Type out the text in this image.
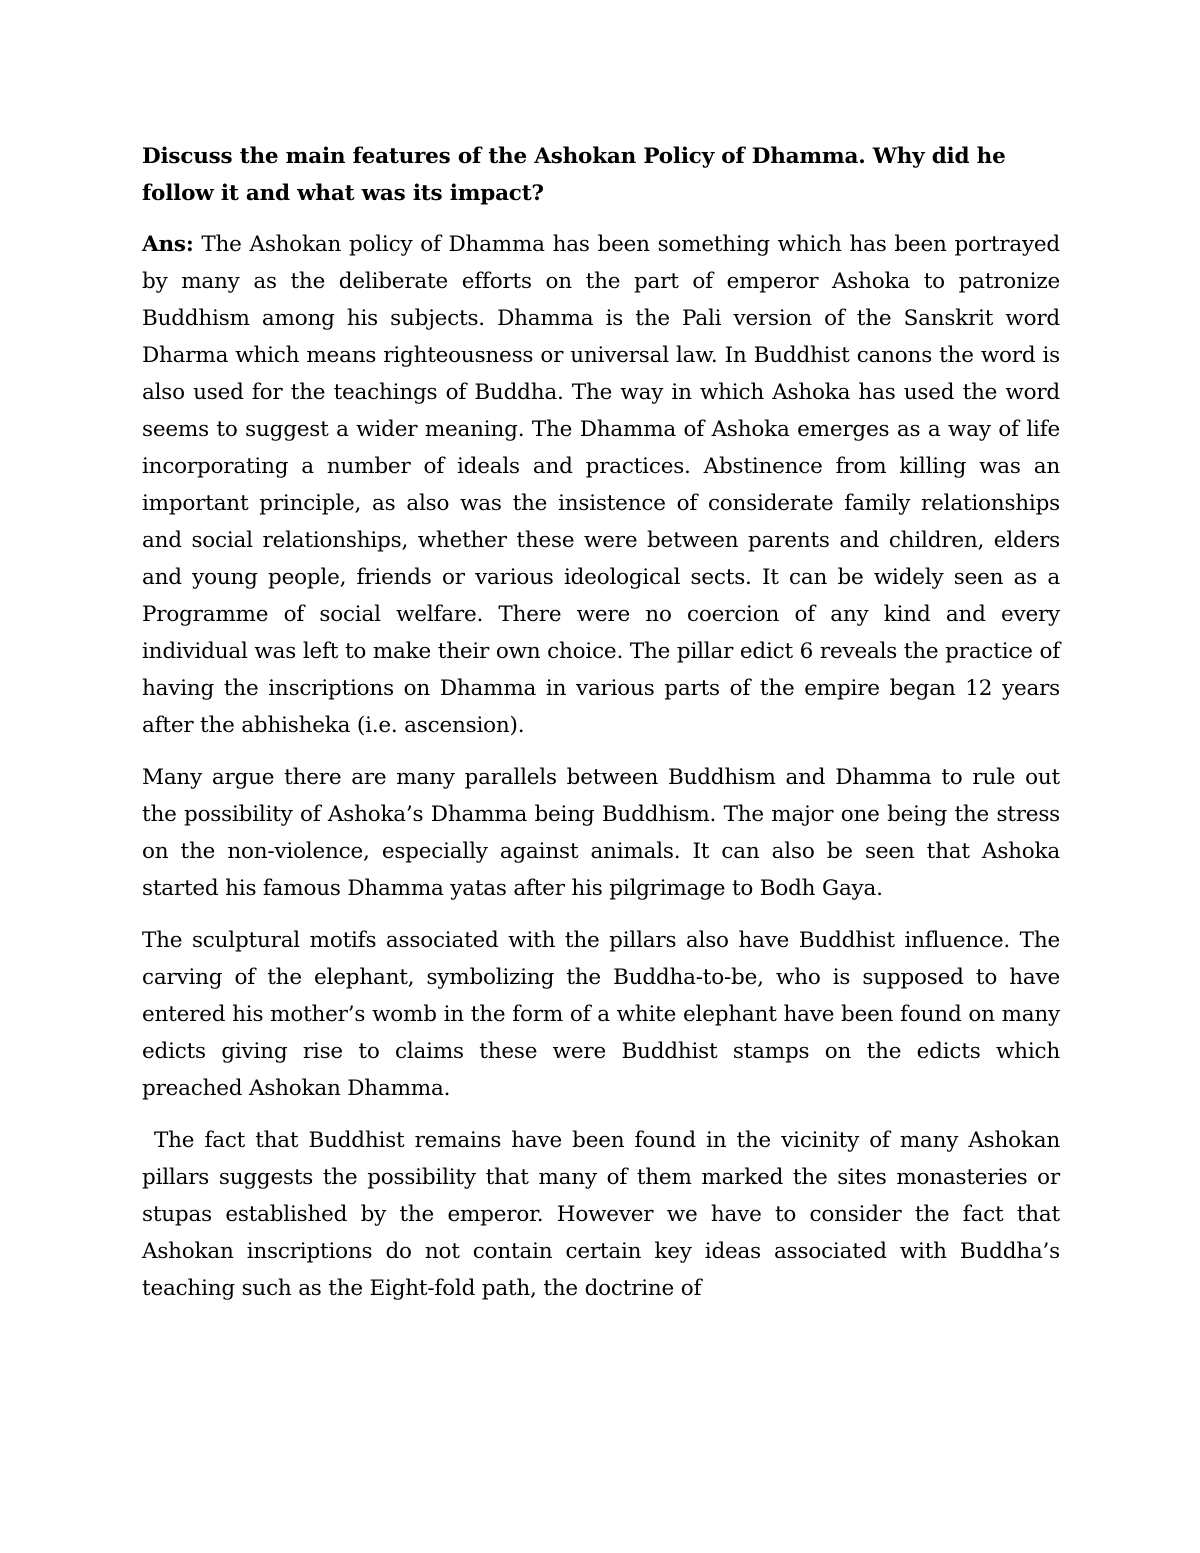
Discuss the main features of the Ashokan Policy of Dhamma. Why did he follow it and what was its impact?

Ans: The Ashokan policy of Dhamma has been something which has been portrayed by many as the deliberate efforts on the part of emperor Ashoka to patronize Buddhism among his subjects. Dhamma is the Pali version of the Sanskrit word Dharma which means righteousness or universal law. In Buddhist canons the word is also used for the teachings of Buddha. The way in which Ashoka has used the word seems to suggest a wider meaning. The Dhamma of Ashoka emerges as a way of life incorporating a number of ideals and practices. Abstinence from killing was an important principle, as also was the insistence of considerate family relationships and social relationships, whether these were between parents and children, elders and young people, friends or various ideological sects. It can be widely seen as a Programme of social welfare. There were no coercion of any kind and every individual was left to make their own choice. The pillar edict 6 reveals the practice of having the inscriptions on Dhamma in various parts of the empire began 12 years after the abhisheka (i.e. ascension).

Many argue there are many parallels between Buddhism and Dhamma to rule out the possibility of Ashoka’s Dhamma being Buddhism. The major one being the stress on the non-violence, especially against animals. It can also be seen that Ashoka started his famous Dhamma yatas after his pilgrimage to Bodh Gaya.

The sculptural motifs associated with the pillars also have Buddhist influence. The carving of the elephant, symbolizing the Buddha-to-be, who is supposed to have entered his mother’s womb in the form of a white elephant have been found on many edicts giving rise to claims these were Buddhist stamps on the edicts which preached Ashokan Dhamma.

The fact that Buddhist remains have been found in the vicinity of many Ashokan pillars suggests the possibility that many of them marked the sites monasteries or stupas established by the emperor. However we have to consider the fact that Ashokan inscriptions do not contain certain key ideas associated with Buddha’s teaching such as the Eight-fold path, the doctrine of
